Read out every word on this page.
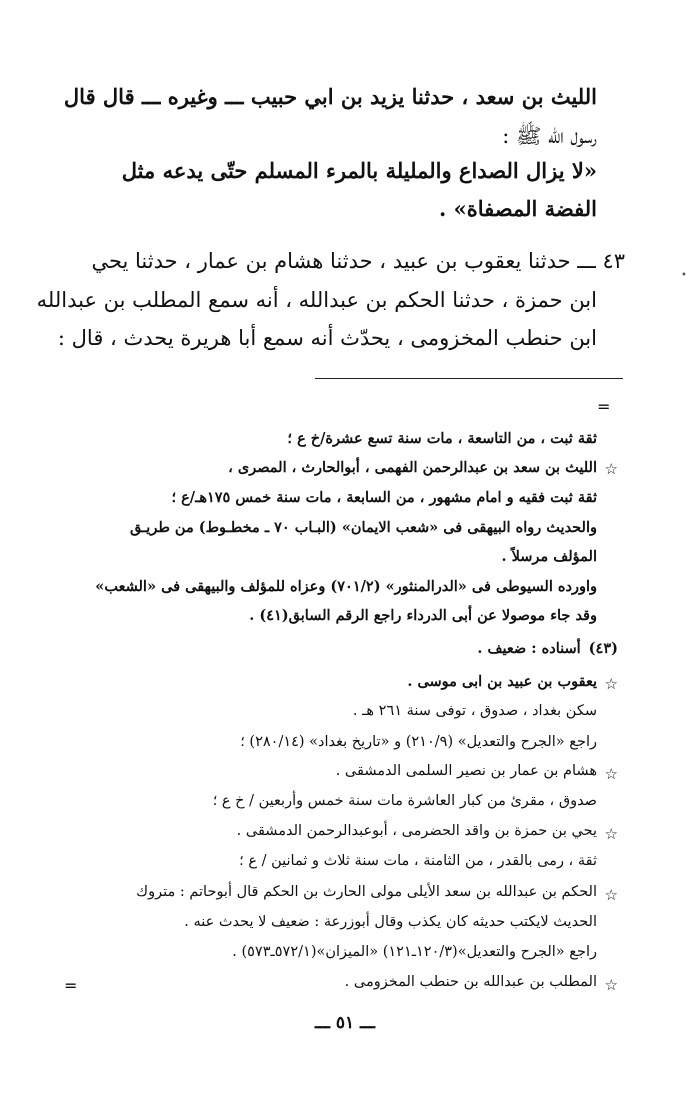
الليث بن سعد ، حدثنا يزيد بن ابي حبيب ـــ وغيره ـــ قال قال
رسول الله ﷺ :
«لا يزال الصداع والمليلة بالمرء المسلم حتّى يدعه مثل
الفضة المصفاة» .
٤٣ ـــ حدثنا يعقوب بن عبيد ، حدثنا هشام بن عمار ، حدثنا يحي
ابن حمزة ، حدثنا الحكم بن عبدالله ، أنه سمع المطلب بن عبدالله
ابن حنطب المخزومى ، يحدّث أنه سمع أبا هريرة يحدث ، قال :
=
•
ثقة ثبت ، من التاسعة ، مات سنة تسع عشرة/خ ع ؛
☆
الليث بن سعد بن عبدالرحمن الفهمى ، أبوالحارث ، المصرى ،
ثقة ثبت فقيه و امام مشهور ، من السابعة ، مات سنة خمس ١٧٥هـ/ع ؛
والحديث رواه البيهقى فى «شعب الايمان» (البـاب ٧٠ ـ مخطـوط) من طريـق
المؤلف مرسلاً .
واورده السيوطى فى «الدرالمنثور» (٧٠١/٢) وعزاه للمؤلف والبيهقى فى «الشعب»
وقد جاء موصولا عن أبى الدرداء راجع الرقم السابق(٤١) .
(٤٣)أسناده : ضعيف .
☆
يعقوب بن عبيد بن ابى موسى .
سكن بغداد ، صدوق ، توفى سنة ٢٦١ هـ .
راجع «الجرح والتعديل» (٢١٠/٩) و «تاريخ بغداد» (٢٨٠/١٤) ؛
☆
هشام بن عمار بن نصير السلمى الدمشقى .
صدوق ، مقرئ من كبار العاشرة مات سنة خمس وأربعين / خ ع ؛
☆
يحي بن حمزة بن واقد الحضرمى ، أبوعبدالرحمن الدمشقى .
ثقة ، رمى بالقدر ، من الثامنة ، مات سنة ثلاث و ثمانين / ع ؛
☆
الحكم بن عبدالله بن سعد الأيلى مولى الحارث بن الحكم قال أبوحاتم : متروك
الحديث لايكتب حديثه كان يكذب وقال أبوزرعة : ضعيف لا يحدث عنه .
راجع «الجرح والتعديل»(١٢٠/٣ـ١٢١) «الميزان»(٥٧٢/١ـ٥٧٣) .
☆
المطلب بن عبدالله بن حنطب المخزومى .
=
ـــ ٥١ ـــ
